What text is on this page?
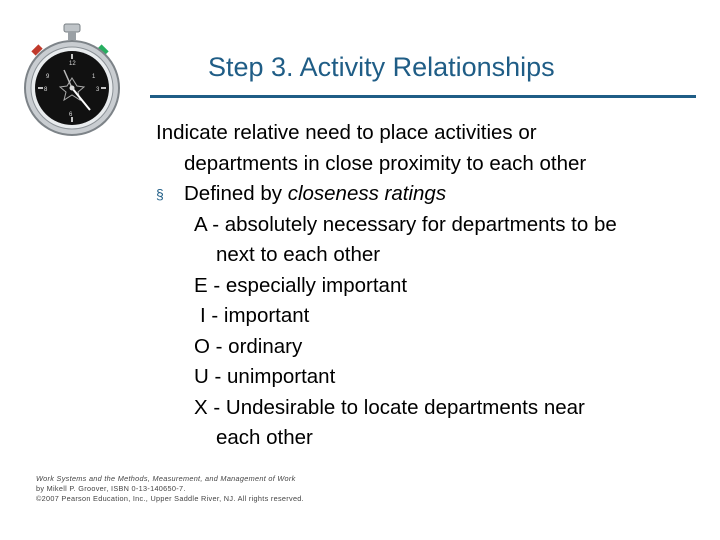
12
1
3
9
8
6
Step 3. Activity Relationships
Indicate relative need to place activities or
departments in close proximity to each other
§ Defined by closeness ratings
A - absolutely necessary for departments to be
next to each other
E - especially important
I - important
O - ordinary
U - unimportant
X - Undesirable to locate departments near
each other
Work Systems and the Methods, Measurement, and Management of Work
by Mikell P. Groover, ISBN 0-13-140650-7.
©2007 Pearson Education, Inc., Upper Saddle River, NJ. All rights reserved.
